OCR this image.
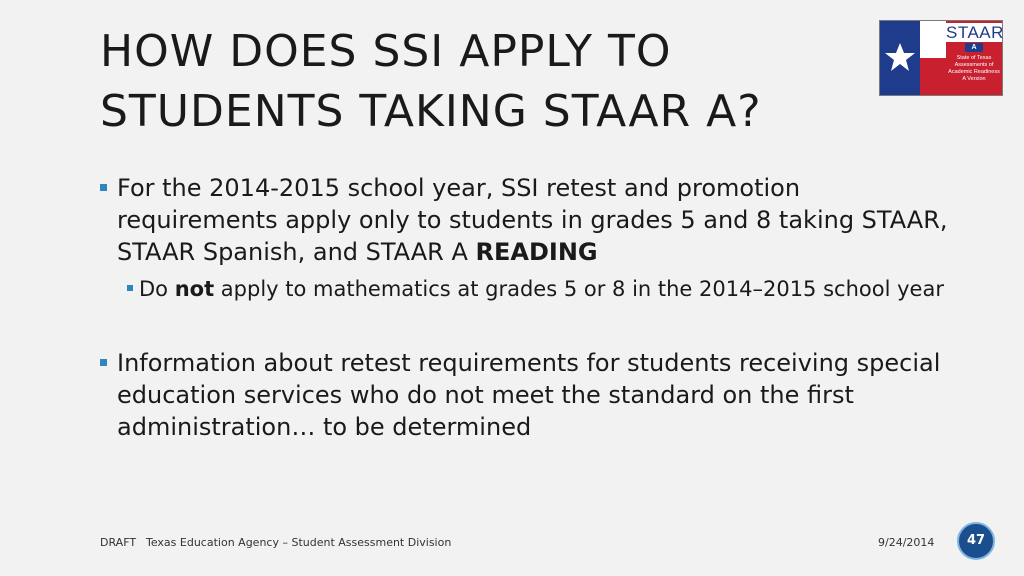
HOW DOES SSI APPLY TO
STUDENTS TAKING STAAR A?
STAAR
A
State of Texas
Assessments of
Academic Readiness
A Version
For the 2014-2015 school year, SSI retest and promotion requirements apply only to students in grades 5 and 8 taking STAAR, STAAR Spanish, and STAAR A READING
Do not apply to mathematics at grades 5 or 8 in the 2014–2015 school year
Information about retest requirements for students receiving special education services who do not meet the standard on the first administration… to be determined
DRAFT Texas Education Agency – Student Assessment Division	9/24/2014	47
